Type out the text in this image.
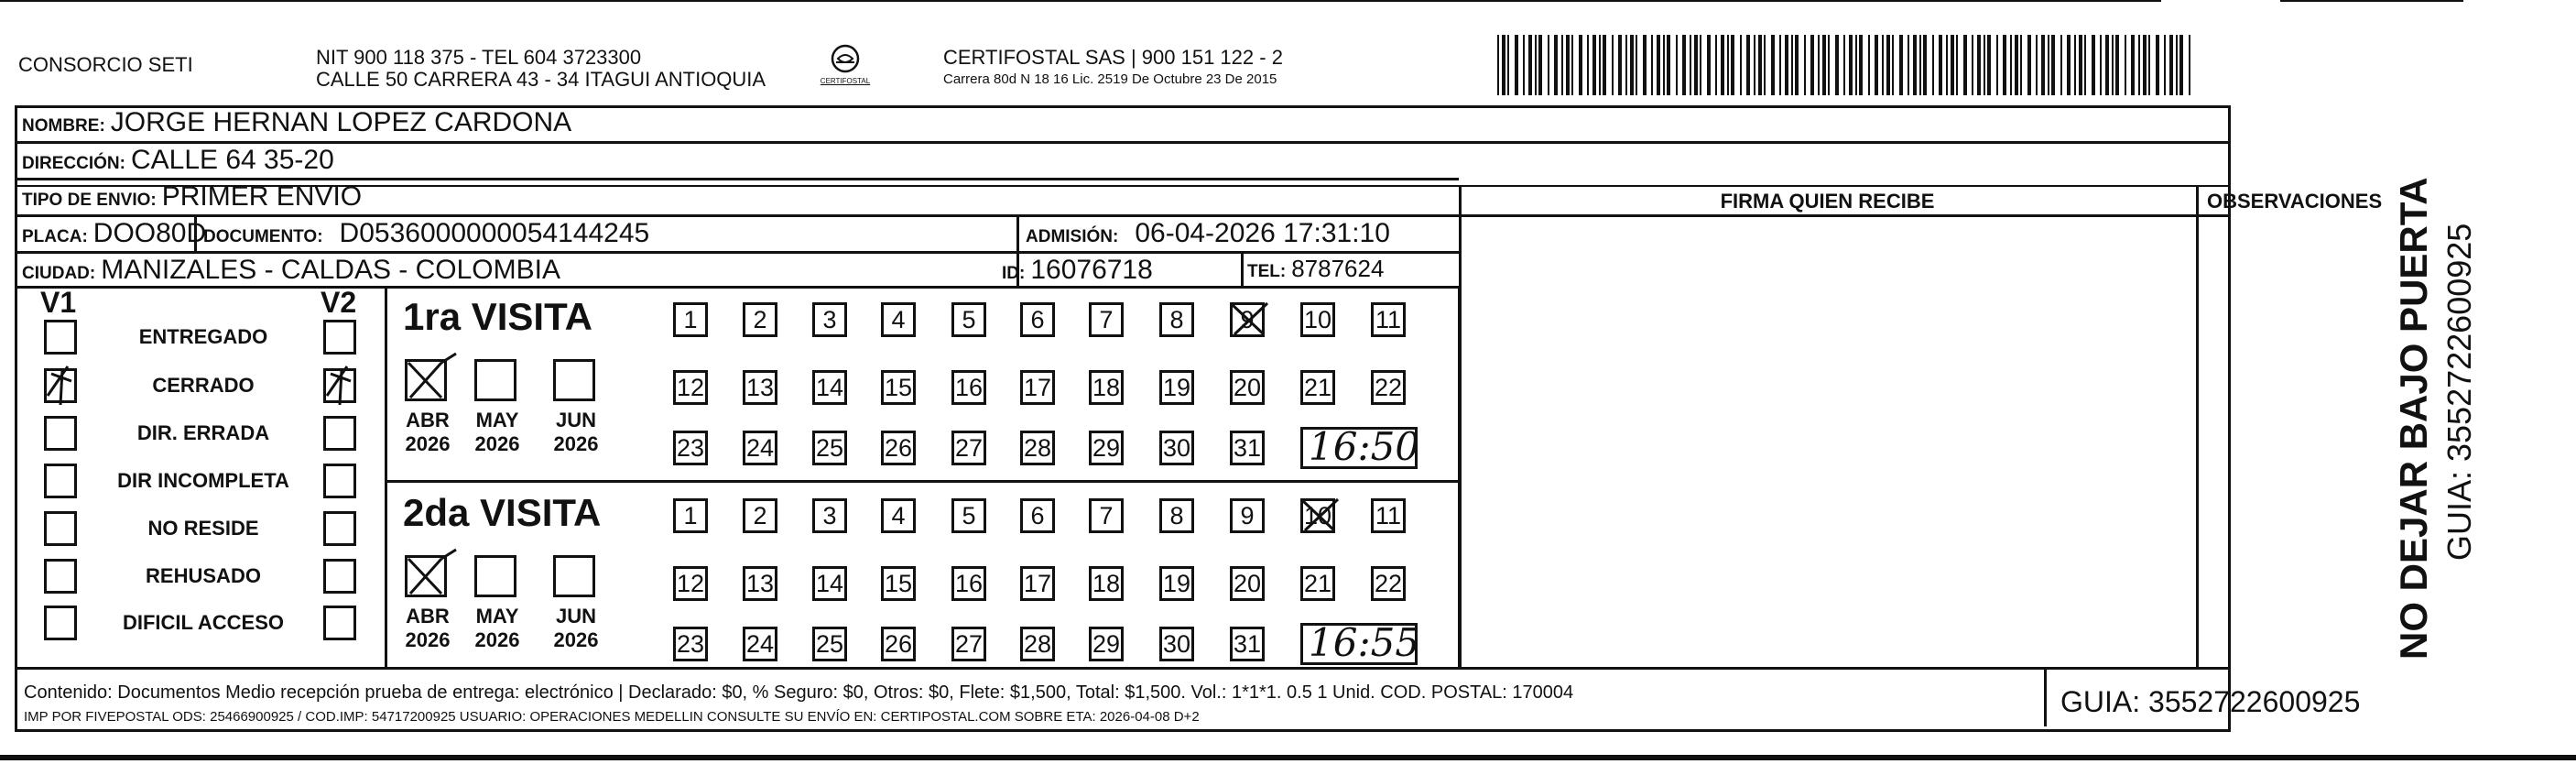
CONSORCIO SETI	NIT 900 118 375 - TEL 604 3723300
CALLE 50 CARRERA 43 - 34 ITAGUI ANTIOQUIA	CERTIFOSTAL
CERTIFOSTAL SAS | 900 151 122 - 2
Carrera 80d N 18 16 Lic. 2519 De Octubre 23 De 2015
NOMBRE: JORGE HERNAN LOPEZ CARDONA
DIRECCIÓN: CALLE 64 35-20
TIPO DE ENVIO: PRIMER ENVIO	FIRMA QUIEN RECIBE	OBSERVACIONES
PLACA: DOO80D
DOCUMENTO: D0536000000054144245	ADMISIÓN: 06-04-2026 17:31:10
CIUDAD: MANIZALES - CALDAS - COLOMBIA	ID: 16076718	TEL: 8787624
V1	V2
ENTREGADO
CERRADO
DIR. ERRADA
DIR INCOMPLETA
NO RESIDE
REHUSADO
DIFICIL ACCESO
1ra VISITA
ABR
2026
MAY
2026
JUN
2026
1	2	3	4	5	6	7	8	9	10 11
12 13 14 15 16 17 18 19 20 21 22
23 24 25 26 27 28 29 30 31 16:50
2da VISITA
ABR
2026
MAY
2026
JUN
2026
1	2	3	4	5	6	7	8	9	10 11
12 13 14 15 16 17 18 19 20 21 22
23 24 25 26 27 28 29 30 31 16:55
Contenido: Documentos Medio recepción prueba de entrega: electrónico | Declarado: $0, % Seguro: $0, Otros: $0, Flete: $1,500, Total: $1,500. Vol.: 1*1*1. 0.5 1 Unid. COD. POSTAL: 170004
IMP POR FIVEPOSTAL ODS: 25466900925 / COD.IMP: 54717200925 USUARIO: OPERACIONES MEDELLIN CONSULTE SU ENVÍO EN: CERTIPOSTAL.COM SOBRE ETA: 2026-04-08 D+2	GUIA: 3552722600925
NO DEJAR BAJO PUERTA GUIA: 3552722600925
